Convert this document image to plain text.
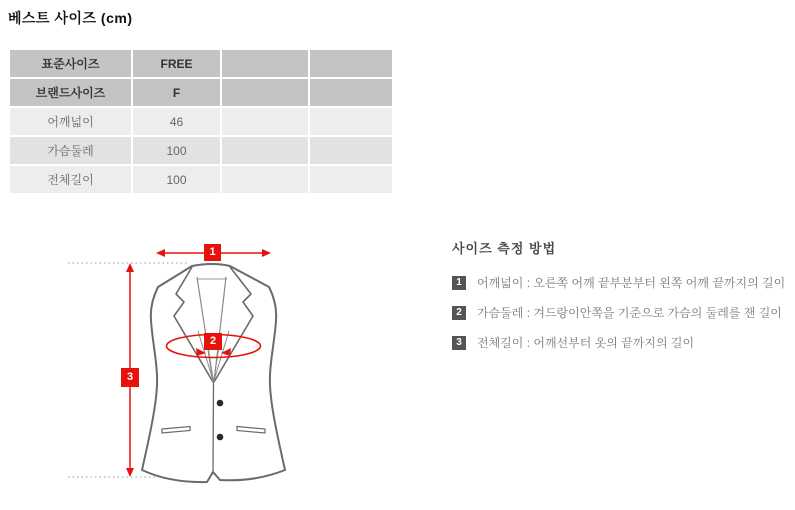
베스트 사이즈 (cm)
표준사이즈	FREE		
브랜드사이즈	F		
어깨넓이	46		
가슴둘레	100		
전체길이	100		
1
2
3
사이즈 측정 방법
1	어깨넓이 : 오른쪽 어깨 끝부분부터 왼쪽 어깨 끝까지의 길이
2	가슴둘레 : 겨드랑이안쪽을 기준으로 가슴의 둘레를 잰 길이
3	전체길이 : 어깨선부터 옷의 끝까지의 길이
